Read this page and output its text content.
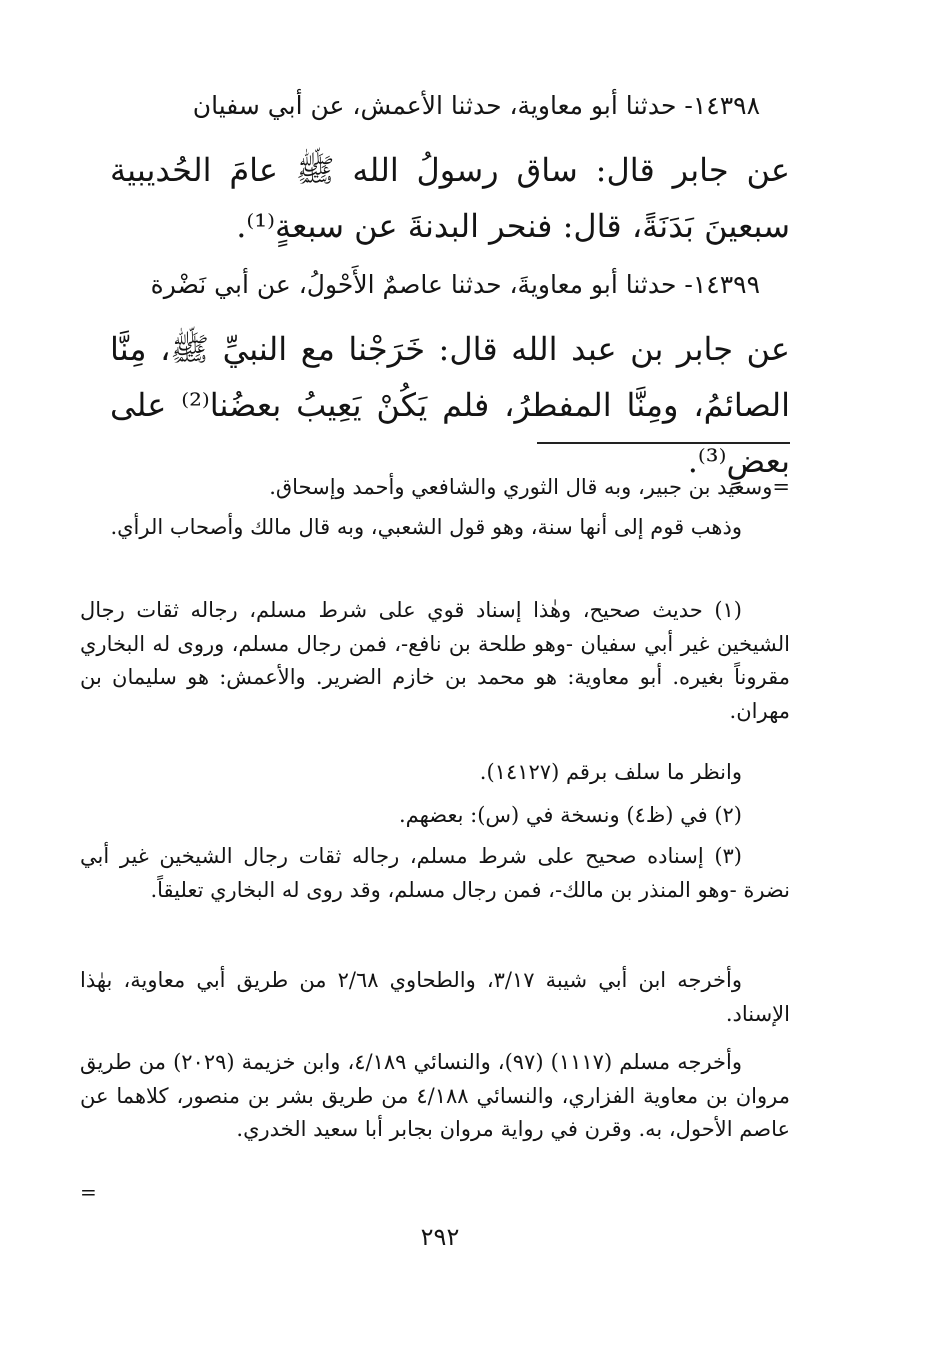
١٤٣٩٨- حدثنا أبو معاوية، حدثنا الأعمش، عن أبي سفيان
عن جابر قال: ساق رسولُ الله ﷺ عامَ الحُديبية سبعينَ بَدَنَةً، قال: فنحر البدنةَ عن سبعةٍ⁽¹⁾.
١٤٣٩٩- حدثنا أبو معاويةَ، حدثنا عاصمٌ الأَحْولُ، عن أبي نَضْرة
عن جابر بن عبد الله قال: خَرَجْنا مع النبيِّ ﷺ، مِنَّا الصائمُ، ومِنَّا المفطرُ، فلم يَكُنْ يَعِيبُ بعضُنا⁽²⁾ على بعضٍ⁽³⁾.
=وسعيد بن جبير، وبه قال الثوري والشافعي وأحمد وإسحاق.
وذهب قوم إلى أنها سنة، وهو قول الشعبي، وبه قال مالك وأصحاب الرأي.
(١) حديث صحيح، وهٰذا إسناد قوي على شرط مسلم، رجاله ثقات رجال الشيخين غير أبي سفيان -وهو طلحة بن نافع-، فمن رجال مسلم، وروى له البخاري مقروناً بغيره. أبو معاوية: هو محمد بن خازم الضرير. والأعمش: هو سليمان بن مهران.
وانظر ما سلف برقم (١٤١٢٧).
(٢) في (ظ٤) ونسخة في (س): بعضهم.
(٣) إسناده صحيح على شرط مسلم، رجاله ثقات رجال الشيخين غير أبي نضرة -وهو المنذر بن مالك-، فمن رجال مسلم، وقد روى له البخاري تعليقاً.
وأخرجه ابن أبي شيبة ٣/١٧، والطحاوي ٢/٦٨ من طريق أبي معاوية، بهٰذا الإسناد.
وأخرجه مسلم (١١١٧) (٩٧)، والنسائي ٤/١٨٩، وابن خزيمة (٢٠٢٩) من طريق مروان بن معاوية الفزاري، والنسائي ٤/١٨٨ من طريق بشر بن منصور، كلاهما عن عاصم الأحول، به. وقرن في رواية مروان بجابر أبا سعيد الخدري.
=
٢٩٢
